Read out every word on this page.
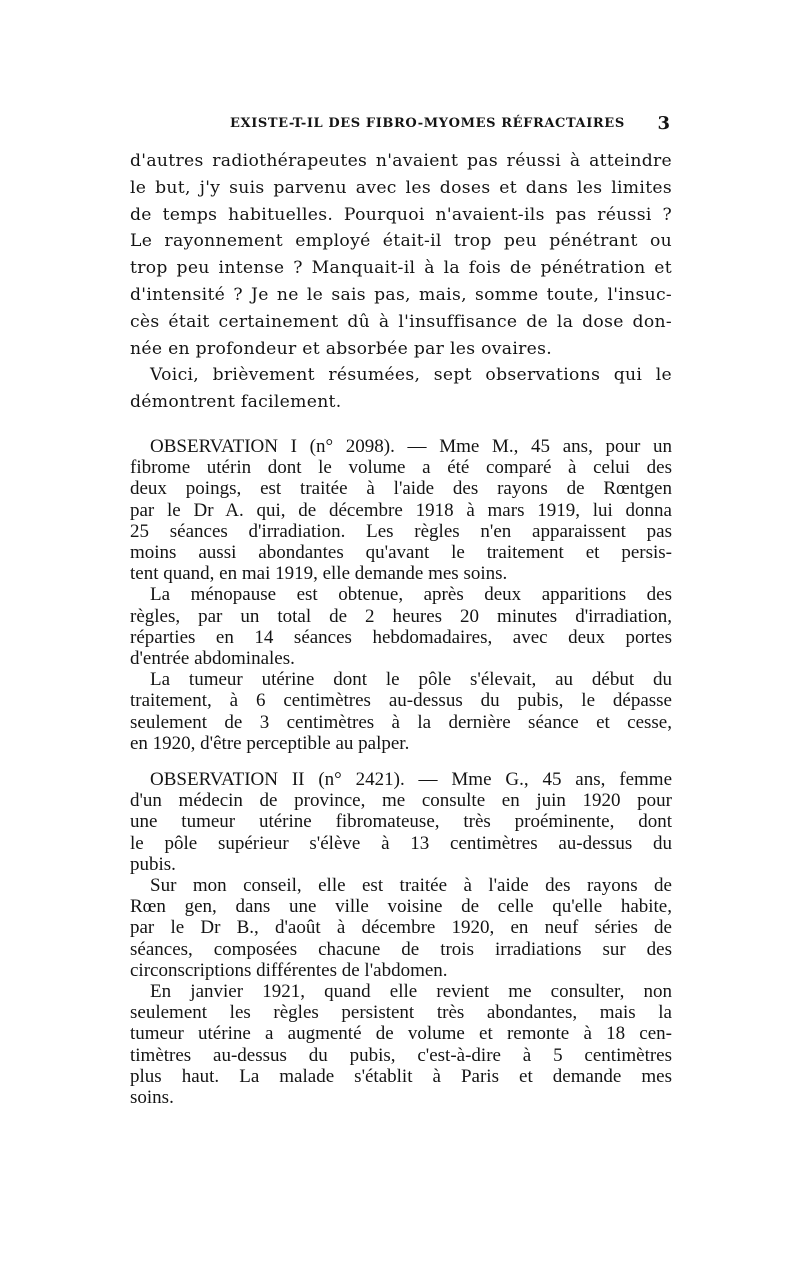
EXISTE-T-IL DES FIBRO-MYOMES RÉFRACTAIRES 3
d'autres radiothérapeutes n'avaient pas réussi à atteindre
le but, j'y suis parvenu avec les doses et dans les limites
de temps habituelles. Pourquoi n'avaient-ils pas réussi ?
Le rayonnement employé était-il trop peu pénétrant ou
trop peu intense ? Manquait-il à la fois de pénétration et
d'intensité ? Je ne le sais pas, mais, somme toute, l'insuc-
cès était certainement dû à l'insuffisance de la dose don-
née en profondeur et absorbée par les ovaires.
Voici, brièvement résumées, sept observations qui le
démontrent facilement.
OBSERVATION I (n° 2098). — Mme M., 45 ans, pour un
fibrome utérin dont le volume a été comparé à celui des
deux poings, est traitée à l'aide des rayons de Rœntgen
par le Dr A. qui, de décembre 1918 à mars 1919, lui donna
25 séances d'irradiation. Les règles n'en apparaissent pas
moins aussi abondantes qu'avant le traitement et persis-
tent quand, en mai 1919, elle demande mes soins.
La ménopause est obtenue, après deux apparitions des
règles, par un total de 2 heures 20 minutes d'irradiation,
réparties en 14 séances hebdomadaires, avec deux portes
d'entrée abdominales.
La tumeur utérine dont le pôle s'élevait, au début du
traitement, à 6 centimètres au-dessus du pubis, le dépasse
seulement de 3 centimètres à la dernière séance et cesse,
en 1920, d'être perceptible au palper.
OBSERVATION II (n° 2421). — Mme G., 45 ans, femme
d'un médecin de province, me consulte en juin 1920 pour
une tumeur utérine fibromateuse, très proéminente, dont
le pôle supérieur s'élève à 13 centimètres au-dessus du
pubis.
Sur mon conseil, elle est traitée à l'aide des rayons de
Rœn gen, dans une ville voisine de celle qu'elle habite,
par le Dr B., d'août à décembre 1920, en neuf séries de
séances, composées chacune de trois irradiations sur des
circonscriptions différentes de l'abdomen.
En janvier 1921, quand elle revient me consulter, non
seulement les règles persistent très abondantes, mais la
tumeur utérine a augmenté de volume et remonte à 18 cen-
timètres au-dessus du pubis, c'est-à-dire à 5 centimètres
plus haut. La malade s'établit à Paris et demande mes
soins.
